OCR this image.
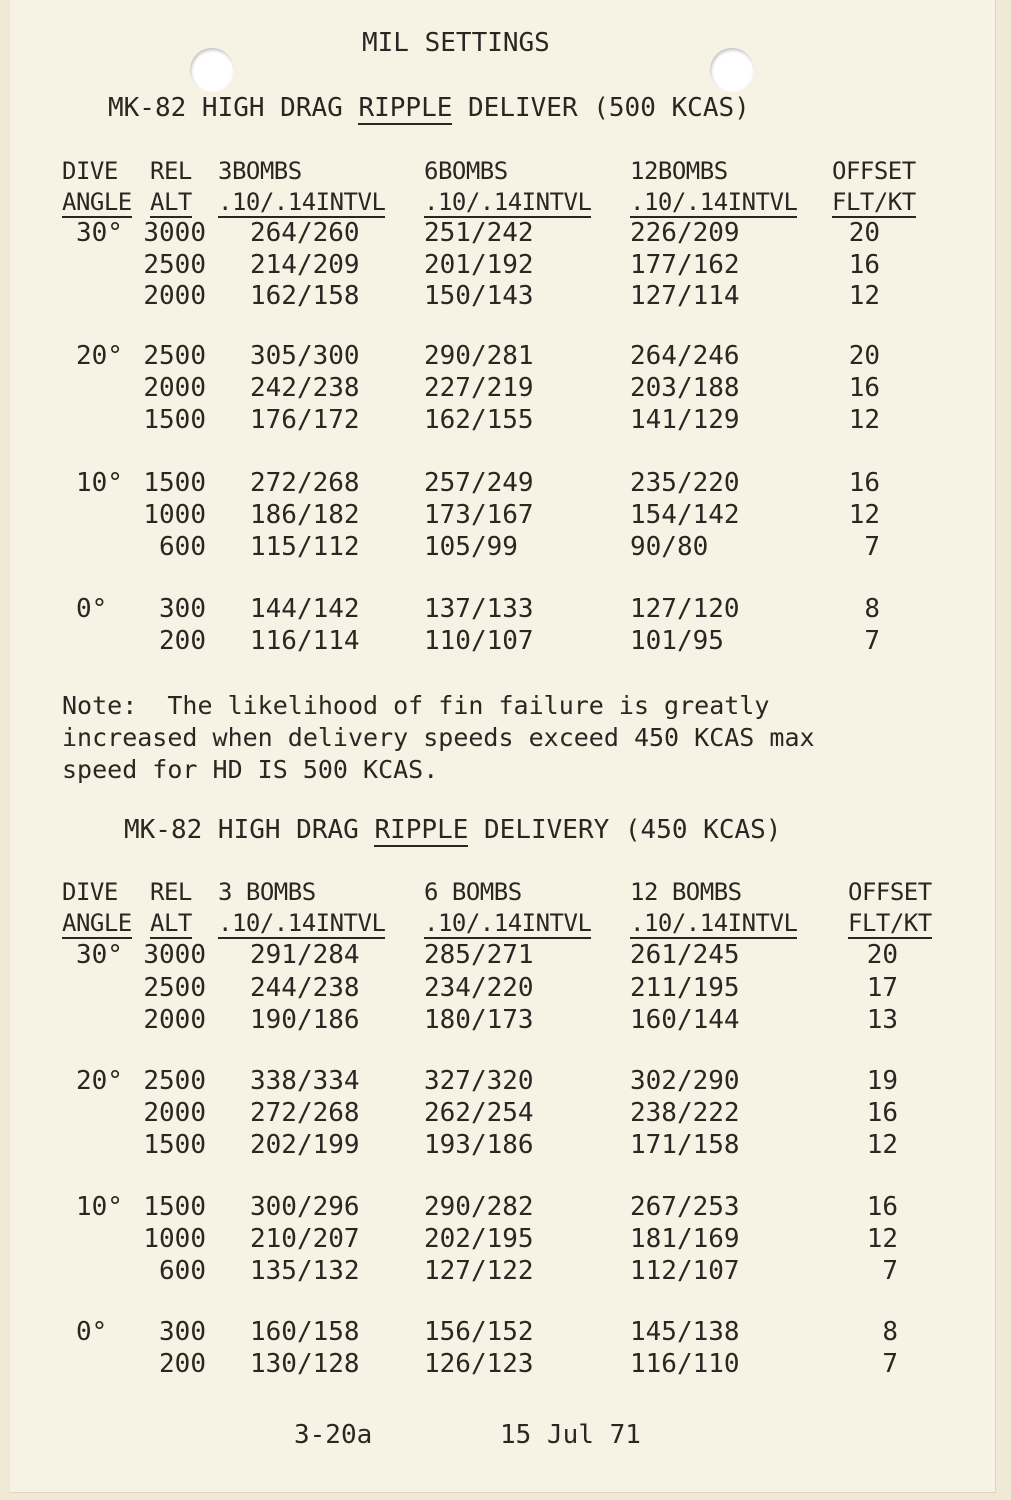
MIL SETTINGS
MK-82 HIGH DRAG RIPPLE DELIVER (500 KCAS)
DIVE REL 3BOMBS	6BOMBS	12BOMBS	OFFSET
ANGLE ALT .10/.14INTVL .10/.14INTVL .10/.14INTVL FLT/KT
30° 3000 264/260 251/242	226/209	20
2500 214/209 201/192	177/162	16
2000 162/158 150/143	127/114	12
20° 2500 305/300 290/281	264/246	20
2000 242/238 227/219	203/188	16
1500 176/172 162/155	141/129	12
10° 1500 272/268 257/249	235/220	16
1000 186/182 173/167	154/142	12
600 115/112 105/99	90/80	7
0°	300 144/142 137/133	127/120	8
200 116/114 110/107	101/95	7
Note:  The likelihood of fin failure is greatly
increased when delivery speeds exceed 450 KCAS max
speed for HD IS 500 KCAS.
MK-82 HIGH DRAG RIPPLE DELIVERY (450 KCAS)
DIVE REL 3 BOMBS	6 BOMBS	12 BOMBS	OFFSET
ANGLE ALT .10/.14INTVL .10/.14INTVL .10/.14INTVL FLT/KT
30° 3000 291/284 285/271	261/245	20
2500 244/238 234/220	211/195	17
2000 190/186 180/173	160/144	13
20° 2500 338/334 327/320	302/290	19
2000 272/268 262/254	238/222	16
1500 202/199 193/186	171/158	12
10° 1500 300/296 290/282	267/253	16
1000 210/207 202/195	181/169	12
600 135/132 127/122	112/107	7
0°	300 160/158 156/152	145/138	8
200 130/128 126/123	116/110	7
3-20a	15 Jul 71
